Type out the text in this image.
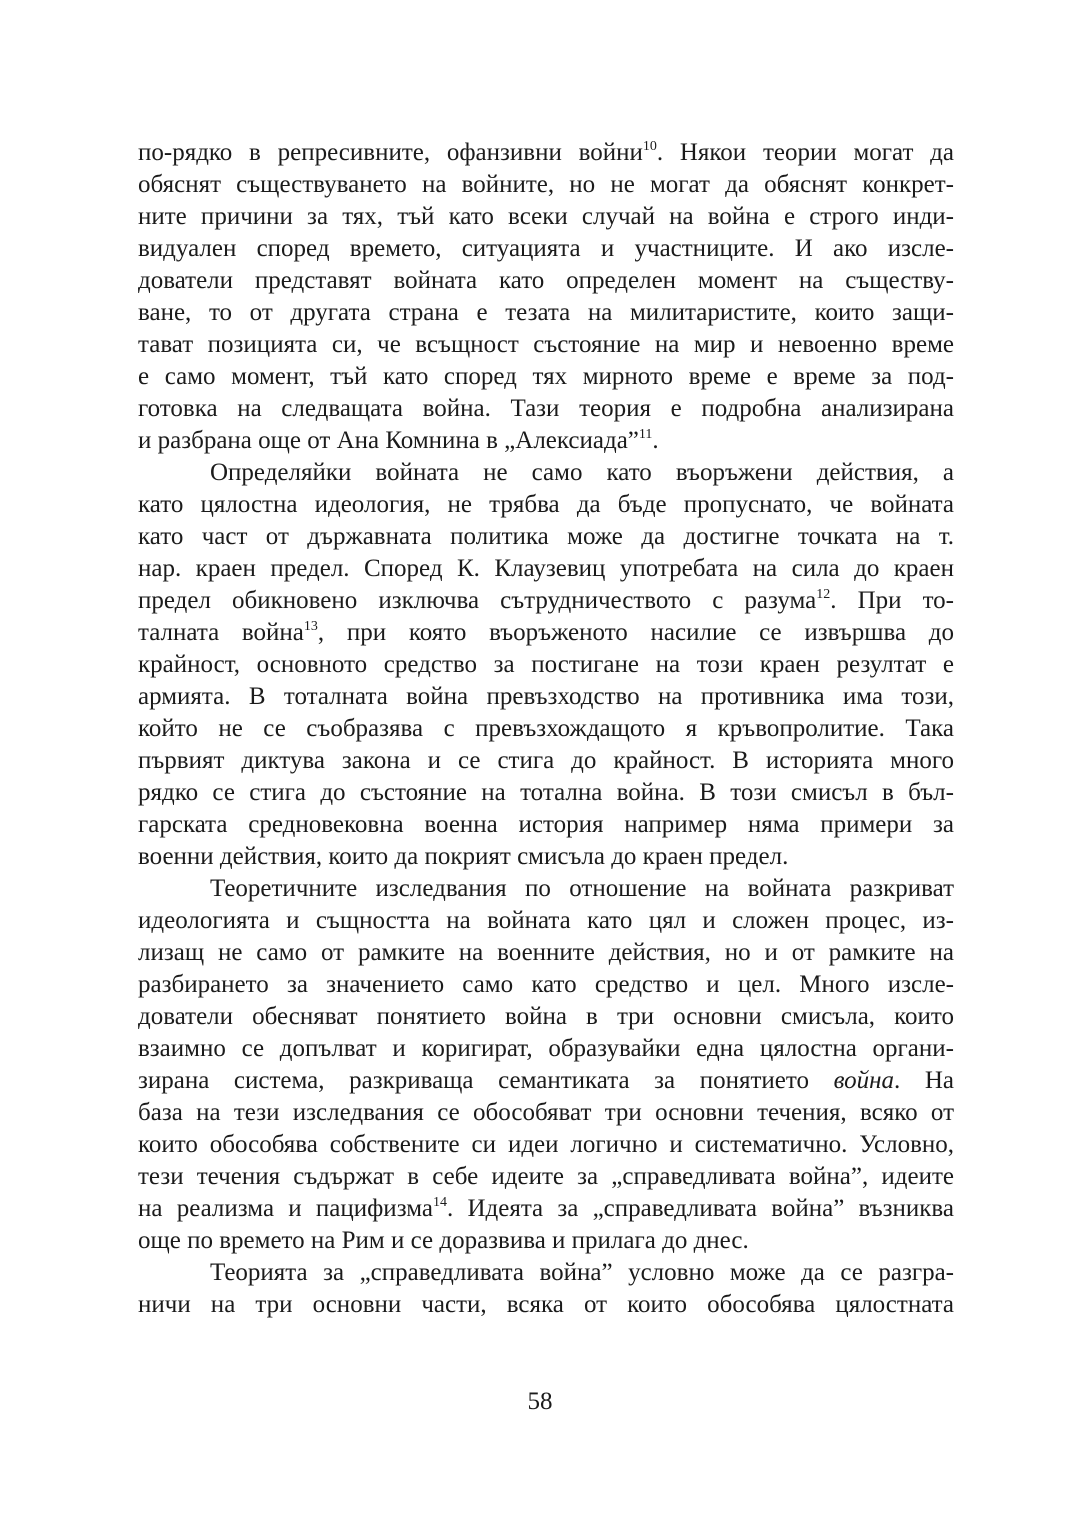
по-рядко в репресивните, офанзивни войни$^{10}$. Някои теории могат да
обяснят съществуването на войните, но не могат да обяснят конкрет-
ните причини за тях, тъй като всеки случай на война е строго инди-
видуален според времето, ситуацията и участниците. И ако изсле-
дователи представят войната като определен момент на съществу-
ване, то от другата страна е тезата на милитаристите, които защи-
тават позицията си, че всъщност състояние на мир и невоенно време
е само момент, тъй като според тях мирното време е време за под-
готовка на следващата война. Тази теория е подробна анализирана
и разбрана още от Ана Комнина в „Алексиада”$^{11}$.
Определяйки войната не само като въоръжени действия, а
като цялостна идеология, не трябва да бъде пропуснато, че войната
като част от държавната политика може да достигне точката на т.
нар. краен предел. Според К. Клаузевиц употребата на сила до краен
предел обикновено изключва сътрудничеството с разума$^{12}$. При то-
талната война$^{13}$, при която въоръженото насилие се извършва до
крайност, основното средство за постигане на този краен резултат е
армията. В тоталната война превъзходство на противника има този,
който не се съобразява с превъзхождащото я кръвопролитие. Така
първият диктува закона и се стига до крайност. В историята много
рядко се стига до състояние на тотална война. В този смисъл в бъл-
гарската средновековна военна история например няма примери за
военни действия, които да покрият смисъла до краен предел.
Теоретичните изследвания по отношение на войната разкриват
идеологията и същността на войната като цял и сложен процес, из-
лизащ не само от рамките на военните действия, но и от рамките на
разбирането за значението само като средство и цел. Много изсле-
дователи обесняват понятието война в три основни смисъла, които
взаимно се допълват и коригират, образувайки една цялостна органи-
зирана система, разкриваща семантиката за понятието война. На
база на тези изследвания се обособяват три основни течения, всяко от
които обособява собствените си идеи логично и систематично. Условно,
тези течения съдържат в себе идеите за „справедливата война”, идеите
на реализма и пацифизма$^{14}$. Идеята за „справедливата война” възниква
още по времето на Рим и се доразвива и прилага до днес.
Теорията за „справедливата война” условно може да се разгра-
ничи на три основни части, всяка от които обособява цялостната
58
